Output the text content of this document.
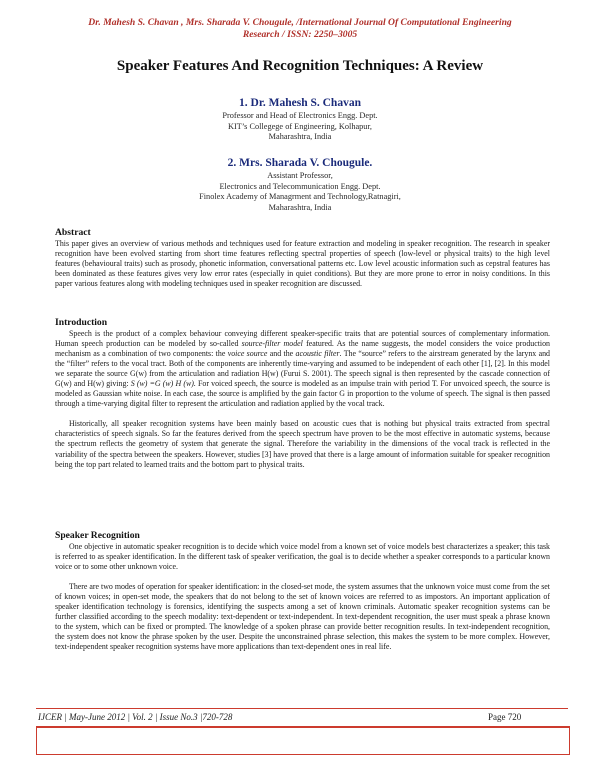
Dr. Mahesh S. Chavan , Mrs. Sharada V. Chougule, /International Journal Of Computational Engineering
Research / ISSN: 2250–3005
Speaker Features And Recognition Techniques: A Review
1. Dr. Mahesh S. Chavan
Professor and Head of Electronics Engg. Dept.
KIT’s Collegege of Engineering, Kolhapur,
Maharashtra, India
2. Mrs. Sharada V. Chougule.
Assistant Professor,
Electronics and Telecommunication Engg. Dept.
Finolex Academy of Managrment and Technology,Ratnagiri,
Maharashtra, India
Abstract

This paper gives an overview of various methods and techniques used for feature extraction and modeling in speaker recognition. The research in speaker recognition have been evolved starting from short time features reflecting spectral properties of speech (low-level or physical traits) to the high level features (behavioural traits) such as prosody, phonetic information, conversational patterns etc. Low level acoustic information such as cepstral features has been dominated as these features gives very low error rates (especially in quiet conditions). But they are more prone to error in noisy conditions. In this paper various features along with modeling techniques used in speaker recognition are discussed.

Introduction

Speech is the product of a complex behaviour conveying different speaker-specific traits that are potential sources of complementary information. Human speech production can be modeled by so-called source-filter model featured. As the name suggests, the model considers the voice production mechanism as a combination of two components: the voice source and the acoustic filter. The “source” refers to the airstream generated by the larynx and the “filter” refers to the vocal tract. Both of the components are inherently time-varying and assumed to be independent of each other [1], [2]. In this model we separate the source G(w) from the articulation and radiation H(w) (Furui S. 2001). The speech signal is then represented by the cascade connection of G(w) and H(w) giving: S (w) =G (w) H (w). For voiced speech, the source is modeled as an impulse train with period T. For unvoiced speech, the source is modeled as Gaussian white noise. In each case, the source is amplified by the gain factor G in proportion to the volume of speech. The signal is then passed through a time-varying digital filter to represent the articulation and radiation applied by the vocal track.

Historically, all speaker recognition systems have been mainly based on acoustic cues that is nothing but physical traits extracted from spectral characteristics of speech signals. So far the features derived from the speech spectrum have proven to be the most effective in automatic systems, because the spectrum reflects the geometry of system that generate the signal. Therefore the variability in the dimensions of the vocal track is reflected in the variability of the spectra between the speakers. However, studies [3] have proved that there is a large amount of information suitable for speaker recognition being the top part related to learned traits and the bottom part to physical traits.

Speaker Recognition

One objective in automatic speaker recognition is to decide which voice model from a known set of voice models best characterizes a speaker; this task is referred to as speaker identification. In the different task of speaker verification, the goal is to decide whether a speaker corresponds to a particular known voice or to some other unknown voice.

There are two modes of operation for speaker identification: in the closed-set mode, the system assumes that the unknown voice must come from the set of known voices; in open-set mode, the speakers that do not belong to the set of known voices are referred to as impostors. An important application of speaker identification technology is forensics, identifying the suspects among a set of known criminals. Automatic speaker recognition systems can be further classified according to the speech modality: text-dependent or text-independent. In text-dependent recognition, the user must speak a phrase known to the system, which can be fixed or prompted. The knowledge of a spoken phrase can provide better recognition results. In text-independent recognition, the system does not know the phrase spoken by the user. Despite the unconstrained phrase selection, this makes the system to be more complex. However, text-independent speaker recognition systems have more applications than text-dependent ones in real life.

IJCER | May-June 2012 | Vol. 2 | Issue No.3 |720-728	Page 720
